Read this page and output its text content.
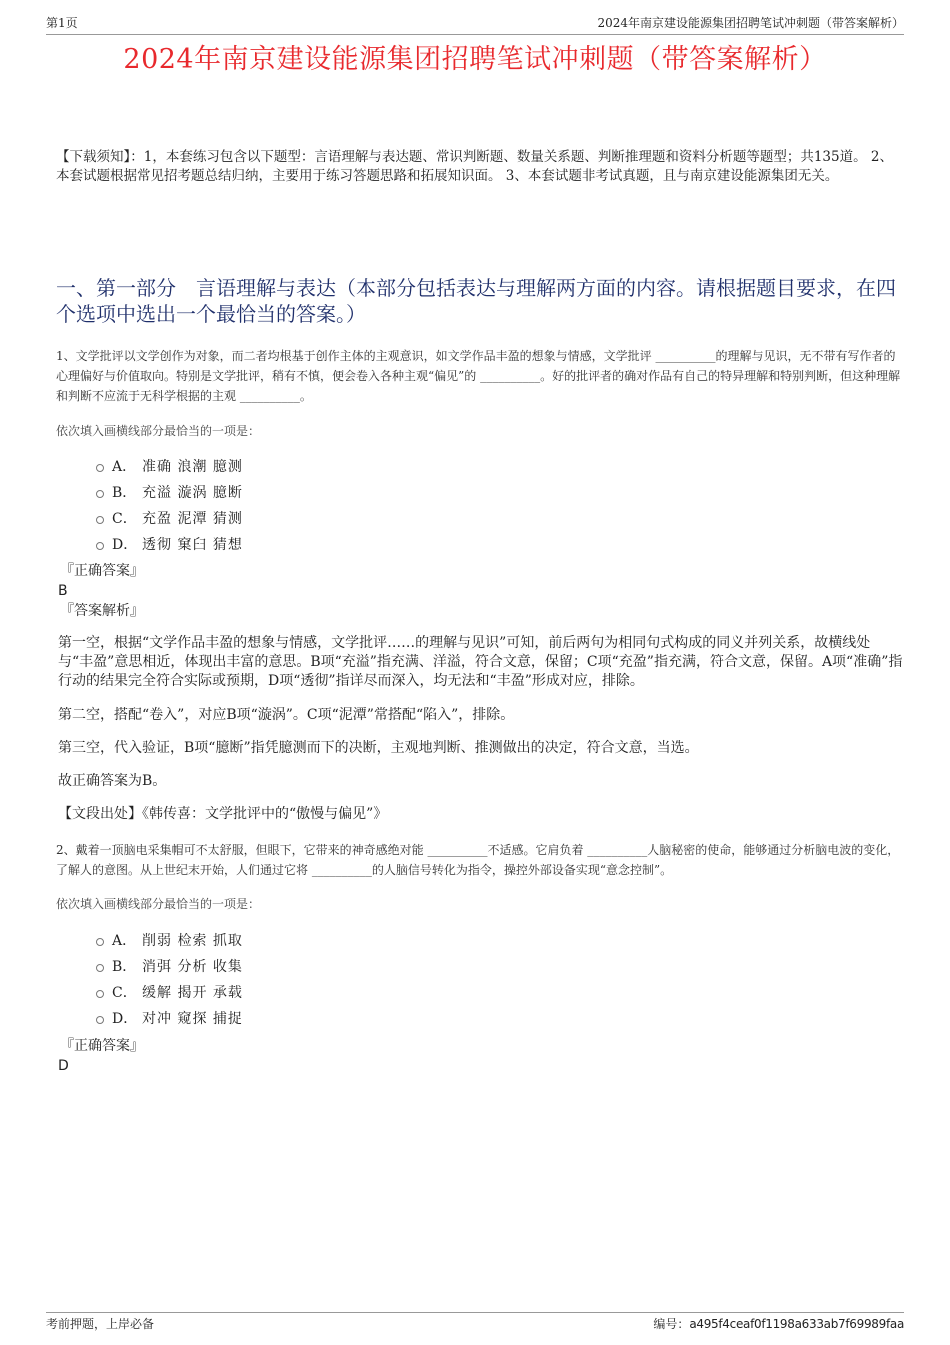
第1页	2024年南京建设能源集团招聘笔试冲刺题（带答案解析）
2024年南京建设能源集团招聘笔试冲刺题（带答案解析）
【下载须知】：1，本套练习包含以下题型：言语理解与表达题、常识判断题、数量关系题、判断推理题和资料分析题等题型；共135道。 2、本套试题根据常见招考题总结归纳，主要用于练习答题思路和拓展知识面。 3、本套试题非考试真题，且与南京建设能源集团无关。
一、第一部分　言语理解与表达（本部分包括表达与理解两方面的内容。请根据题目要求，在四个选项中选出一个最恰当的答案。）
1、文学批评以文学创作为对象，而二者均根基于创作主体的主观意识，如文学作品丰盈的想象与情感，文学批评 __________的理解与见识，无不带有写作者的心理偏好与价值取向。特别是文学批评，稍有不慎，便会卷入各种主观“偏见”的 __________。好的批评者的确对作品有自己的特异理解和特别判断，但这种理解和判断不应流于无科学根据的主观 __________。
依次填入画横线部分最恰当的一项是：
A． 准确 浪潮 臆测
B． 充溢 漩涡 臆断
C． 充盈 泥潭 猜测
D． 透彻 窠臼 猜想
『正确答案』
B
『答案解析』
第一空，根据“文学作品丰盈的想象与情感，文学批评……的理解与见识”可知，前后两句为相同句式构成的同义并列关系，故横线处与“丰盈”意思相近，体现出丰富的意思。B项“充溢”指充满、洋溢，符合文意，保留；C项“充盈”指充满，符合文意，保留。A项“准确”指行动的结果完全符合实际或预期，D项“透彻”指详尽而深入，均无法和“丰盈”形成对应，排除。
第二空，搭配“卷入”，对应B项“漩涡”。C项“泥潭”常搭配“陷入”，排除。
第三空，代入验证，B项“臆断”指凭臆测而下的决断，主观地判断、推测做出的决定，符合文意，当选。
故正确答案为B。
【文段出处】《韩传喜：文学批评中的“傲慢与偏见”》
2、戴着一顶脑电采集帽可不太舒服，但眼下，它带来的神奇感绝对能 __________不适感。它肩负着 __________人脑秘密的使命，能够通过分析脑电波的变化，了解人的意图。从上世纪末开始，人们通过它将 __________的人脑信号转化为指令，操控外部设备实现“意念控制”。
依次填入画横线部分最恰当的一项是：
A． 削弱 检索 抓取
B． 消弭 分析 收集
C． 缓解 揭开 承载
D． 对冲 窥探 捕捉
『正确答案』
D
考前押题，上岸必备	编号：a495f4ceaf0f1198a633ab7f69989faa
